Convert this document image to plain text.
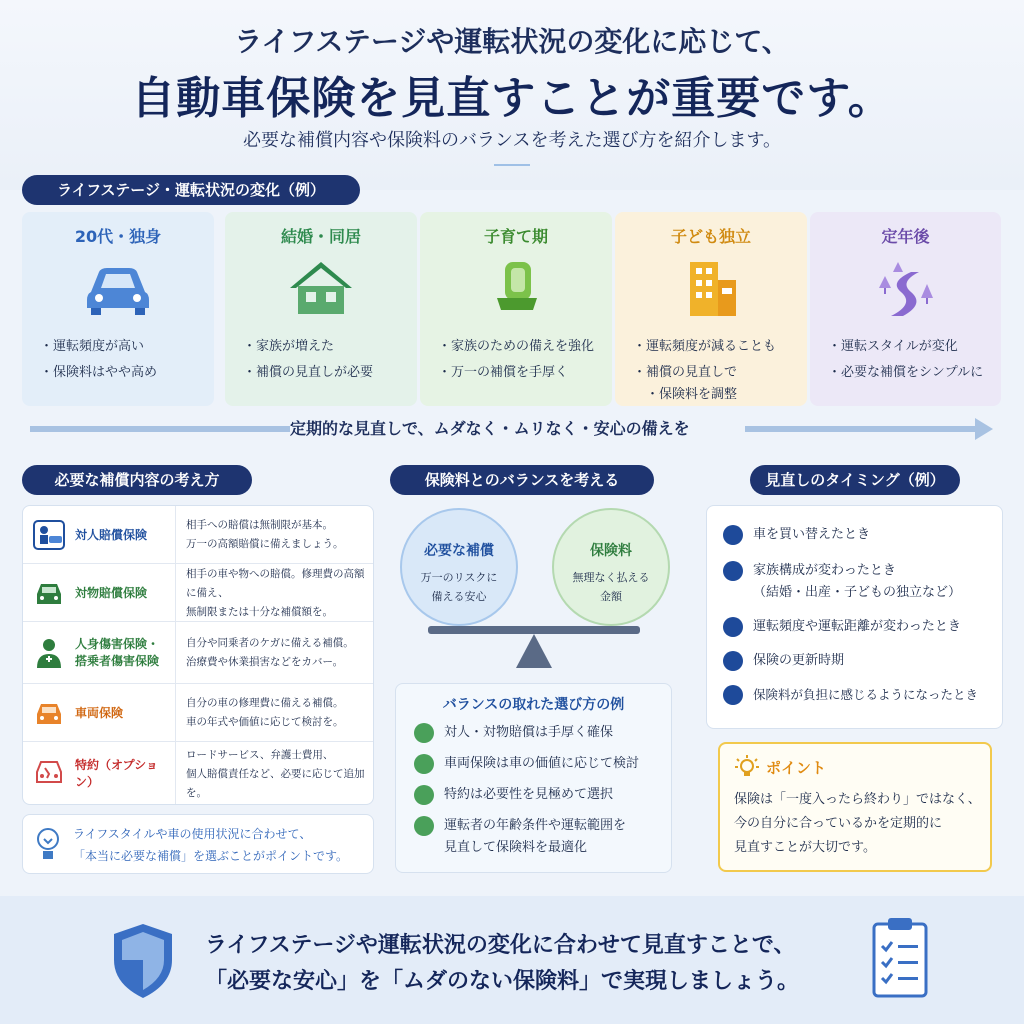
ライフステージや運転状況の変化に応じて、
自動車保険を見直すことが重要です。
必要な補償内容や保険料のバランスを考えた選び方を紹介します。
ライフステージ・運転状況の変化（例）
20代・独身
・ 運転頻度が高い
・ 保険料はやや高め
結婚・同居
・ 家族が増えた
・ 補償の見直しが必要
子育て期
・ 家族のための備えを強化
・ 万一の補償を手厚く
子ども独立
・ 運転頻度が減ることも
・ 補償の見直しで
・ 保険料を調整
定年後
・ 運転スタイルが変化
・ 必要な補償をシンプルに
定期的な見直しで、ムダなく・ムリなく・安心の備えを
必要な補償内容の考え方
対人賠償保険
相手への賠償は無制限が基本。
万一の高額賠償に備えましょう。
対物賠償保険
相手の車や物への賠償。修理費の高額に備え、
無制限または十分な補償額を。
人身傷害保険・
搭乗者傷害保険
自分や同乗者のケガに備える補償。
治療費や休業損害などをカバー。
車両保険
自分の車の修理費に備える補償。
車の年式や価値に応じて検討を。
特約（オプション）
ロードサービス、弁護士費用、
個人賠償責任など、必要に応じて追加を。
ライフスタイルや車の使用状況に合わせて、
「本当に必要な補償」を選ぶことがポイントです。
保険料とのバランスを考える
必要な補償
万一のリスクに
備える安心
保険料
無理なく払える
金額
バランスの取れた選び方の例
対人・対物賠償は手厚く確保
車両保険は車の価値に応じて検討
特約は必要性を見極めて選択
運転者の年齢条件や運転範囲を
見直して保険料を最適化
見直しのタイミング（例）
車を買い替えたとき
家族構成が変わったとき
（結婚・出産・子どもの独立など）
運転頻度や運転距離が変わったとき
保険の更新時期
保険料が負担に感じるようになったとき
ポイント
保険は「一度入ったら終わり」ではなく、
今の自分に合っているかを定期的に
見直すことが大切です。
ライフステージや運転状況の変化に合わせて見直すことで、
「必要な安心」を「ムダのない保険料」で実現しましょう。
